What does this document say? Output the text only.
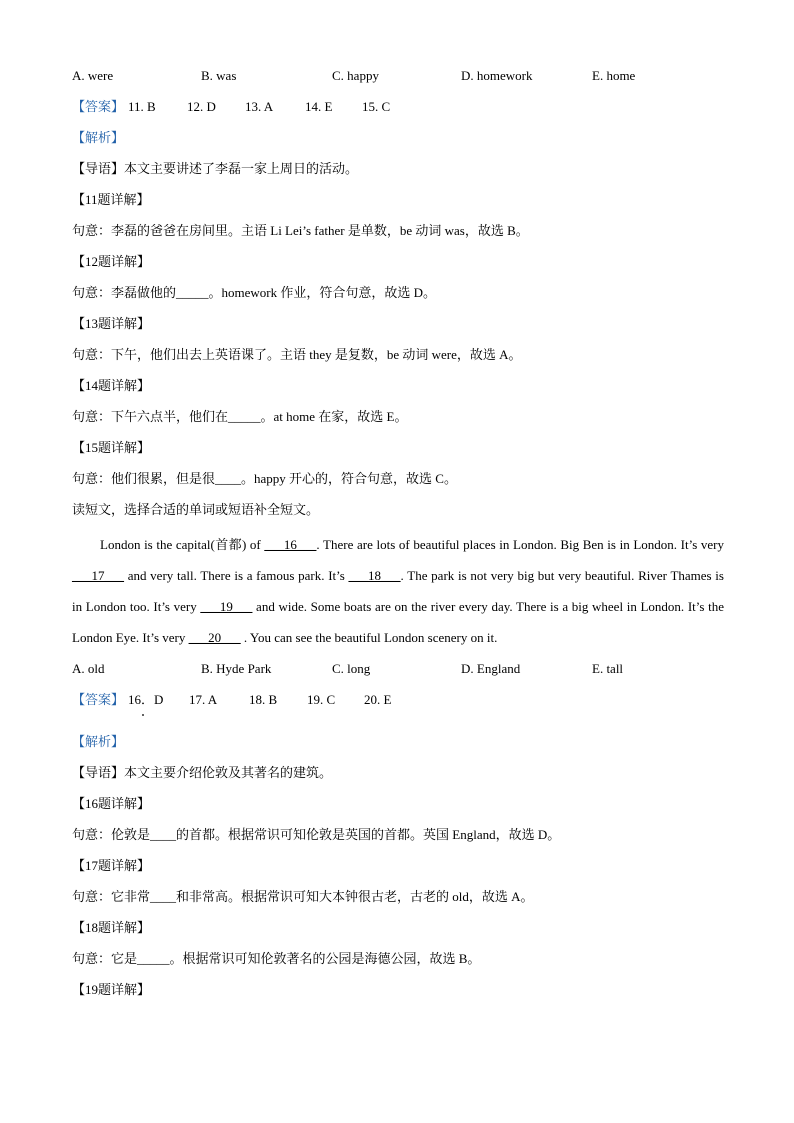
A. were	B. was	C. happy	D. homework	E. home
【答案】 11. B 12. D 13. A 14. E 15. C
【解析】
【导语】本文主要讲述了李磊一家上周日的活动。
【11题详解】
句意：李磊的爸爸在房间里。主语 Li Lei’s father 是单数，be 动词 was，故选 B。
【12题详解】
句意：李磊做他的_____。homework 作业，符合句意，故选 D。
【13题详解】
句意：下午，他们出去上英语课了。主语 they 是复数，be 动词 were，故选 A。
【14题详解】
句意：下午六点半，他们在_____。at home 在家，故选 E。
【15题详解】
句意：他们很累，但是很____。happy 开心的，符合句意，故选 C。
读短文，选择合适的单词或短语补全短文。
London is the capital(首都) of ___16___. There are lots of beautiful places in London. Big Ben is in London. It’s very ___17___ and very tall. There is a famous park. It’s ___18___. The park is not very big but very beautiful. River Thames is in London too. It’s very ___19___ and wide. Some boats are on the river every day. There is a big wheel in London. It’s the London Eye. It’s very ___20___ . You can see the beautiful London scenery on it.
A. old	B. Hyde Park	C. long	D. England	E. tall
【答案】 16．D 17. A 18. B 19. C 20. E
【解析】
【导语】本文主要介绍伦敦及其著名的建筑。
【16题详解】
句意：伦敦是____的首都。根据常识可知伦敦是英国的首都。英国 England，故选 D。
【17题详解】
句意：它非常____和非常高。根据常识可知大本钟很古老，古老的 old，故选 A。
【18题详解】
句意：它是_____。根据常识可知伦敦著名的公园是海德公园，故选 B。
【19题详解】
